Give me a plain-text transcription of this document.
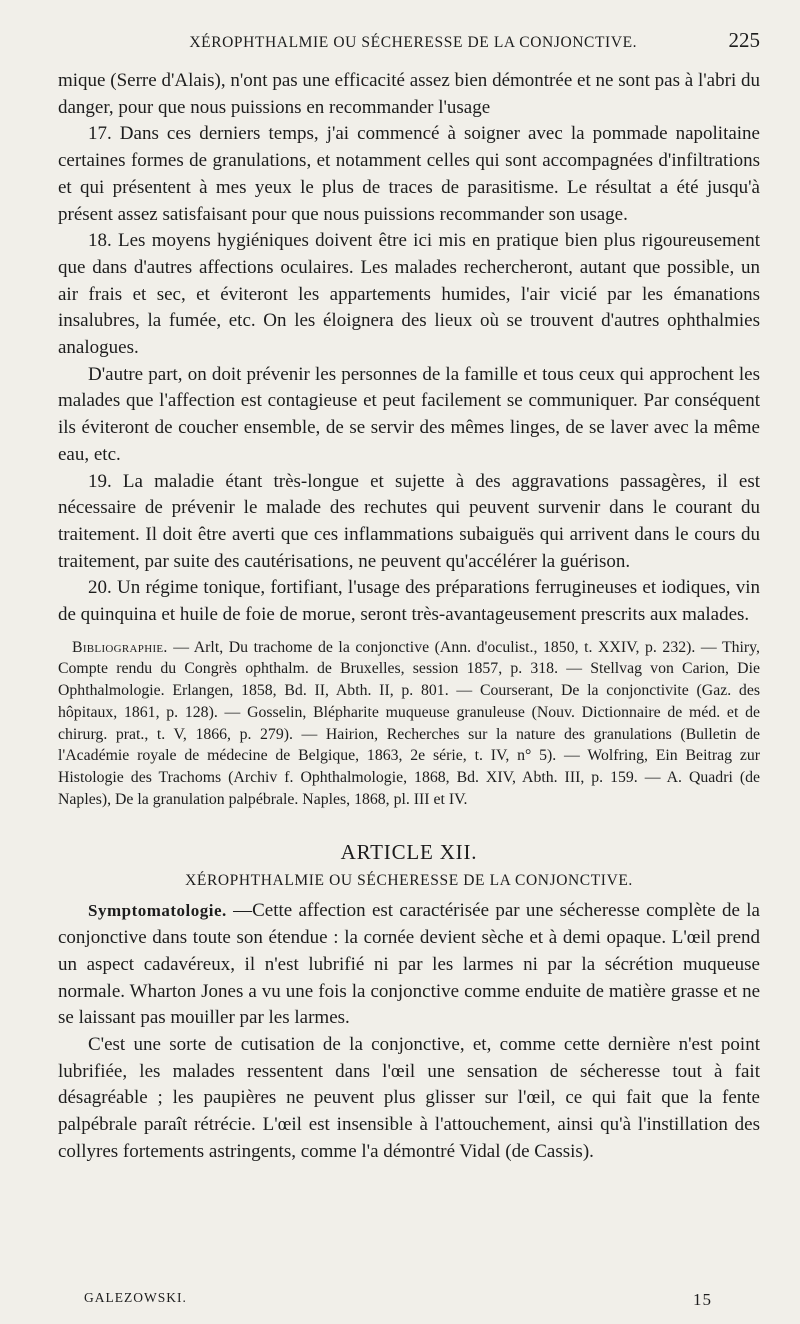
XÉROPHTHALMIE OU SÉCHERESSE DE LA CONJONCTIVE.	225

mique (Serre d'Alais), n'ont pas une efficacité assez bien démontrée et ne sont pas à l'abri du danger, pour que nous puissions en recommander l'usage

17. Dans ces derniers temps, j'ai commencé à soigner avec la pommade napolitaine certaines formes de granulations, et notamment celles qui sont accompagnées d'infiltrations et qui présentent à mes yeux le plus de traces de parasitisme. Le résultat a été jusqu'à présent assez satisfaisant pour que nous puissions recommander son usage.

18. Les moyens hygiéniques doivent être ici mis en pratique bien plus rigoureusement que dans d'autres affections oculaires. Les malades rechercheront, autant que possible, un air frais et sec, et éviteront les appartements humides, l'air vicié par les émanations insalubres, la fumée, etc. On les éloignera des lieux où se trouvent d'autres ophthalmies analogues.

D'autre part, on doit prévenir les personnes de la famille et tous ceux qui approchent les malades que l'affection est contagieuse et peut facilement se communiquer. Par conséquent ils éviteront de coucher ensemble, de se servir des mêmes linges, de se laver avec la même eau, etc.

19. La maladie étant très-longue et sujette à des aggravations passagères, il est nécessaire de prévenir le malade des rechutes qui peuvent survenir dans le courant du traitement. Il doit être averti que ces inflammations subaiguës qui arrivent dans le cours du traitement, par suite des cautérisations, ne peuvent qu'accélérer la guérison.

20. Un régime tonique, fortifiant, l'usage des préparations ferrugineuses et iodiques, vin de quinquina et huile de foie de morue, seront très-avantageusement prescrits aux malades.

Bibliographie. — Arlt, Du trachome de la conjonctive (Ann. d'oculist., 1850, t. XXIV, p. 232). — Thiry, Compte rendu du Congrès ophthalm. de Bruxelles, session 1857, p. 318. — Stellvag von Carion, Die Ophthalmologie. Erlangen, 1858, Bd. II, Abth. II, p. 801. — Courserant, De la conjonctivite (Gaz. des hôpitaux, 1861, p. 128). — Gosselin, Blépharite muqueuse granuleuse (Nouv. Dictionnaire de méd. et de chirurg. prat., t. V, 1866, p. 279). — Hairion, Recherches sur la nature des granulations (Bulletin de l'Académie royale de médecine de Belgique, 1863, 2e série, t. IV, n° 5). — Wolfring, Ein Beitrag zur Histologie des Trachoms (Archiv f. Ophthalmologie, 1868, Bd. XIV, Abth. III, p. 159. — A. Quadri (de Naples), De la granulation palpébrale. Naples, 1868, pl. III et IV.

ARTICLE XII.
XÉROPHTHALMIE OU SÉCHERESSE DE LA CONJONCTIVE.

Symptomatologie. —Cette affection est caractérisée par une sécheresse complète de la conjonctive dans toute son étendue : la cornée devient sèche et à demi opaque. L'œil prend un aspect cadavéreux, il n'est lubrifié ni par les larmes ni par la sécrétion muqueuse normale. Wharton Jones a vu une fois la conjonctive comme enduite de matière grasse et ne se laissant pas mouiller par les larmes.

C'est une sorte de cutisation de la conjonctive, et, comme cette dernière n'est point lubrifiée, les malades ressentent dans l'œil une sensation de sécheresse tout à fait désagréable ; les paupières ne peuvent plus glisser sur l'œil, ce qui fait que la fente palpébrale paraît rétrécie. L'œil est insensible à l'attouchement, ainsi qu'à l'instillation des collyres fortements astringents, comme l'a démontré Vidal (de Cassis).

GALEZOWSKI.	15
